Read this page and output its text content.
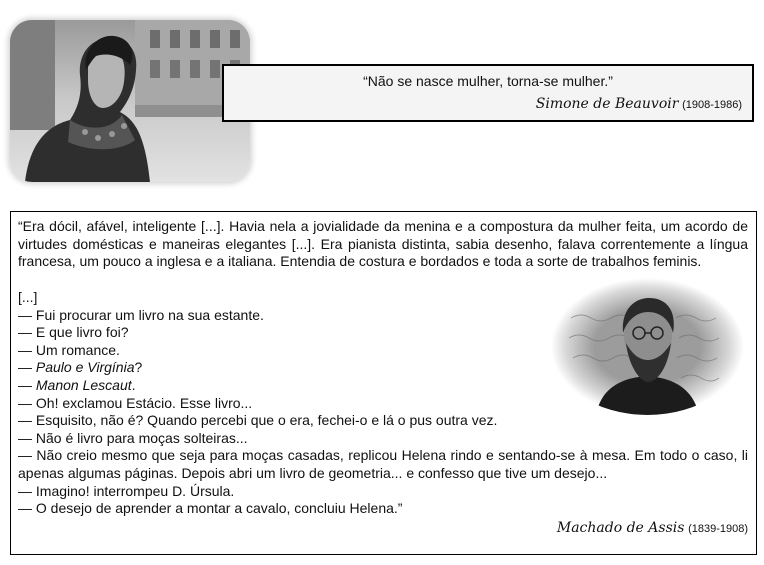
“Não se nasce mulher, torna-se mulher.”
Simone de Beauvoir (1908-1986)

“Era dócil, afável, inteligente [...]. Havia nela a jovialidade da menina e a compostura da mulher feita, um acordo de virtudes domésticas e maneiras elegantes [...]. Era pianista distinta, sabia desenho, falava correntemente a língua francesa, um pouco a inglesa e a italiana. Entendia de costura e bordados e toda a sorte de trabalhos feminis.

[...]
— Fui procurar um livro na sua estante.
— E que livro foi?
— Um romance.
— Paulo e Virgínia?
— Manon Lescaut.
— Oh! exclamou Estácio. Esse livro...
— Esquisito, não é? Quando percebi que o era, fechei-o e lá o pus outra vez.
— Não é livro para moças solteiras...
— Não creio mesmo que seja para moças casadas, replicou Helena rindo e sentando-se à mesa. Em todo o caso, li apenas algumas páginas. Depois abri um livro de geometria... e confesso que tive um desejo...
— Imagino! interrompeu D. Úrsula.
— O desejo de aprender a montar a cavalo, concluiu Helena.”
Machado de Assis (1839-1908)
